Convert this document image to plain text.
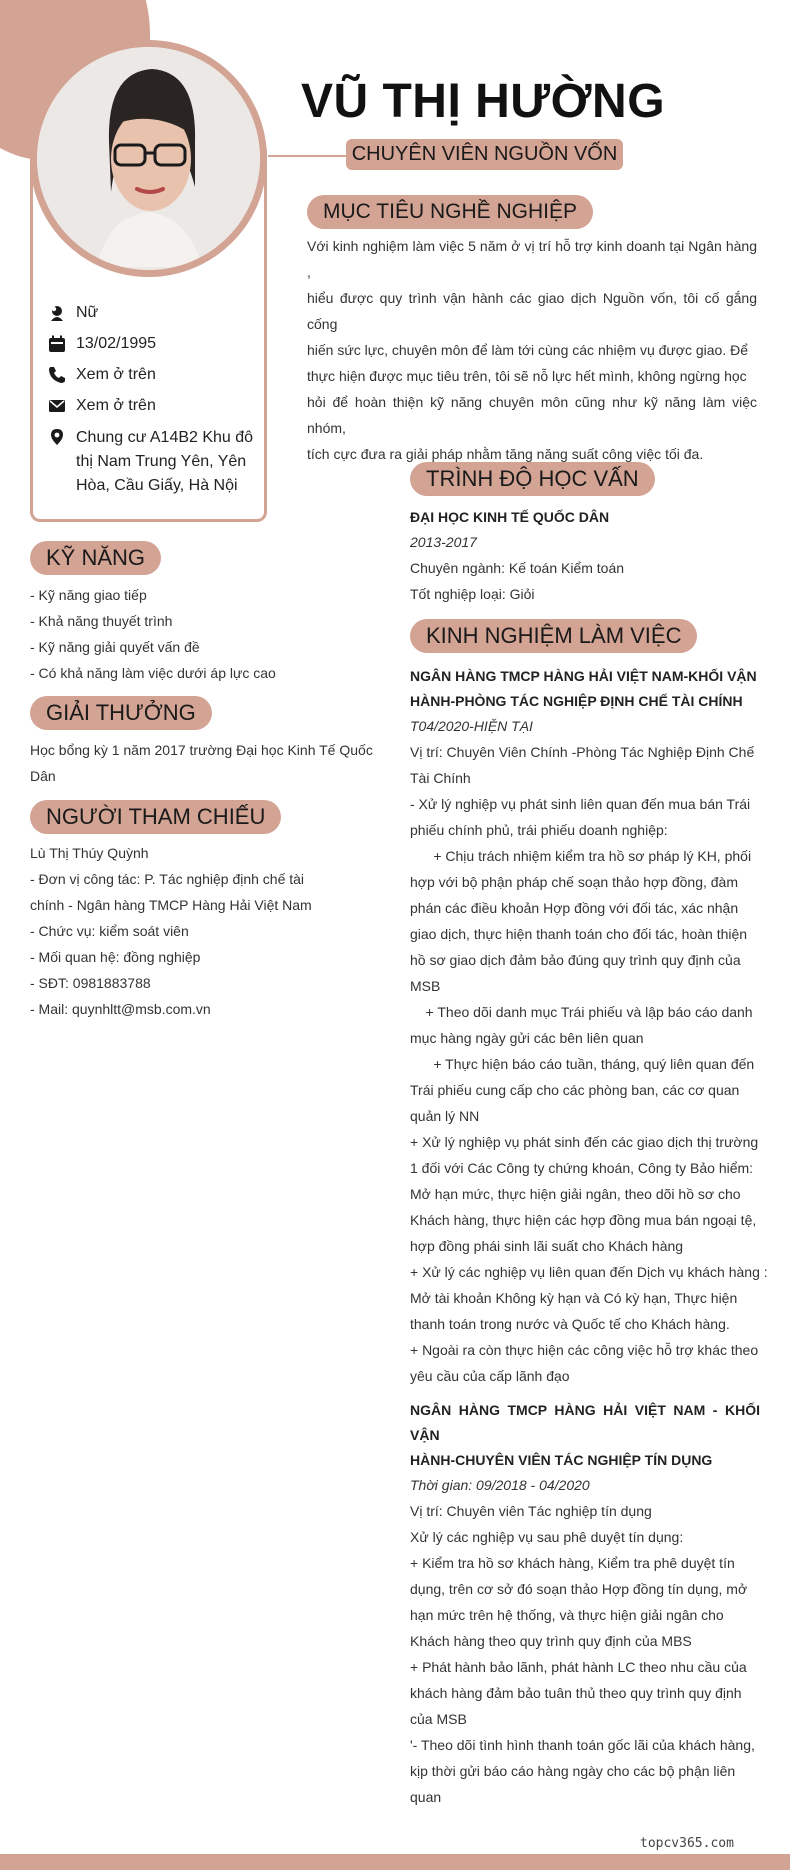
VŨ THỊ HƯỜNG
CHUYÊN VIÊN NGUỒN VỐN
Nữ
13/02/1995
Xem ở trên
Xem ở trên
Chung cư A14B2 Khu đô
thị Nam Trung Yên, Yên
Hòa, Cầu Giấy, Hà Nội
MỤC TIÊU NGHỀ NGHIỆP
Với kinh nghiệm làm việc 5 năm ở vị trí hỗ trợ kinh doanh tại Ngân hàng ,
hiểu được quy trình vận hành các giao dịch Nguồn vốn, tôi cố gắng cống
hiến sức lực, chuyên môn để làm tới cùng các nhiệm vụ được giao. Để
thực hiện được mục tiêu trên, tôi sẽ nỗ lực hết mình, không ngừng học
hỏi để hoàn thiện kỹ năng chuyên môn cũng như kỹ năng làm việc nhóm,
tích cực đưa ra giải pháp nhằm tăng năng suất công việc tối đa.
KỸ NĂNG
- Kỹ năng giao tiếp
- Khả năng thuyết trình
- Kỹ năng giải quyết vấn đề
- Có khả năng làm việc dưới áp lực cao
GIẢI THƯỞNG
Học bổng kỳ 1 năm 2017 trường Đại học Kinh Tế Quốc
Dân
NGƯỜI THAM CHIẾU
Lù Thị Thúy Quỳnh
- Đơn vị công tác: P. Tác nghiệp định chế tài
chính - Ngân hàng TMCP Hàng Hải Việt Nam
- Chức vụ: kiểm soát viên
- Mối quan hệ: đồng nghiệp
- SĐT: 0981883788
- Mail: quynhltt@msb.com.vn
TRÌNH ĐỘ HỌC VẤN
ĐẠI HỌC KINH TẾ QUỐC DÂN
2013-2017
Chuyên ngành: Kế toán Kiểm toán
Tốt nghiệp loại: Giỏi
KINH NGHIỆM LÀM VIỆC
NGÂN HÀNG TMCP HÀNG HẢI VIỆT NAM-KHỐI VẬN
HÀNH-PHÒNG TÁC NGHIỆP ĐỊNH CHẾ TÀI CHÍNH
T04/2020-HIỆN TẠI
Vị trí: Chuyên Viên Chính -Phòng Tác Nghiệp Định Chế
Tài Chính
- Xử lý nghiệp vụ phát sinh liên quan đến mua bán Trái
phiếu chính phủ, trái phiếu doanh nghiệp:
+ Chịu trách nhiệm kiểm tra hồ sơ pháp lý KH, phối
hợp với bộ phận pháp chế soạn thảo hợp đồng, đàm
phán các điều khoản Hợp đồng với đối tác, xác nhận
giao dịch, thực hiện thanh toán cho đối tác, hoàn thiện
hồ sơ giao dịch đảm bảo đúng quy trình quy định của
MSB
+ Theo dõi danh mục Trái phiếu và lập báo cáo danh
mục hàng ngày gửi các bên liên quan
+ Thực hiện báo cáo tuần, tháng, quý liên quan đến
Trái phiếu cung cấp cho các phòng ban, các cơ quan
quản lý NN
+ Xử lý nghiệp vụ phát sinh đến các giao dịch thị trường
1 đối với Các Công ty chứng khoán, Công ty Bảo hiểm:
Mở hạn mức, thực hiện giải ngân, theo dõi hồ sơ cho
Khách hàng, thực hiện các hợp đồng mua bán ngoại tệ,
hợp đồng phái sinh lãi suất cho Khách hàng
+ Xử lý các nghiệp vụ liên quan đến Dịch vụ khách hàng :
Mở tài khoản Không kỳ hạn và Có kỳ hạn, Thực hiện
thanh toán trong nước và Quốc tế cho Khách hàng.
+ Ngoài ra còn thực hiện các công việc hỗ trợ khác theo
yêu cầu của cấp lãnh đạo
NGÂN HÀNG TMCP HÀNG HẢI VIỆT NAM - KHỐI VẬN
HÀNH-CHUYÊN VIÊN TÁC NGHIỆP TÍN DỤNG
Thời gian: 09/2018 - 04/2020
Vị trí: Chuyên viên Tác nghiệp tín dụng
Xử lý các nghiệp vụ sau phê duyệt tín dụng:
+ Kiểm tra hồ sơ khách hàng, Kiểm tra phê duyệt tín
dụng, trên cơ sở đó soạn thảo Hợp đồng tín dụng, mở
hạn mức trên hệ thống, và thực hiện giải ngân cho
Khách hàng theo quy trình quy định của MBS
+ Phát hành bảo lãnh, phát hành LC theo nhu cầu của
khách hàng đảm bảo tuân thủ theo quy trình quy định
của MSB
'- Theo dõi tình hình thanh toán gốc lãi của khách hàng,
kịp thời gửi báo cáo hàng ngày cho các bộ phận liên
quan
topcv365.com
